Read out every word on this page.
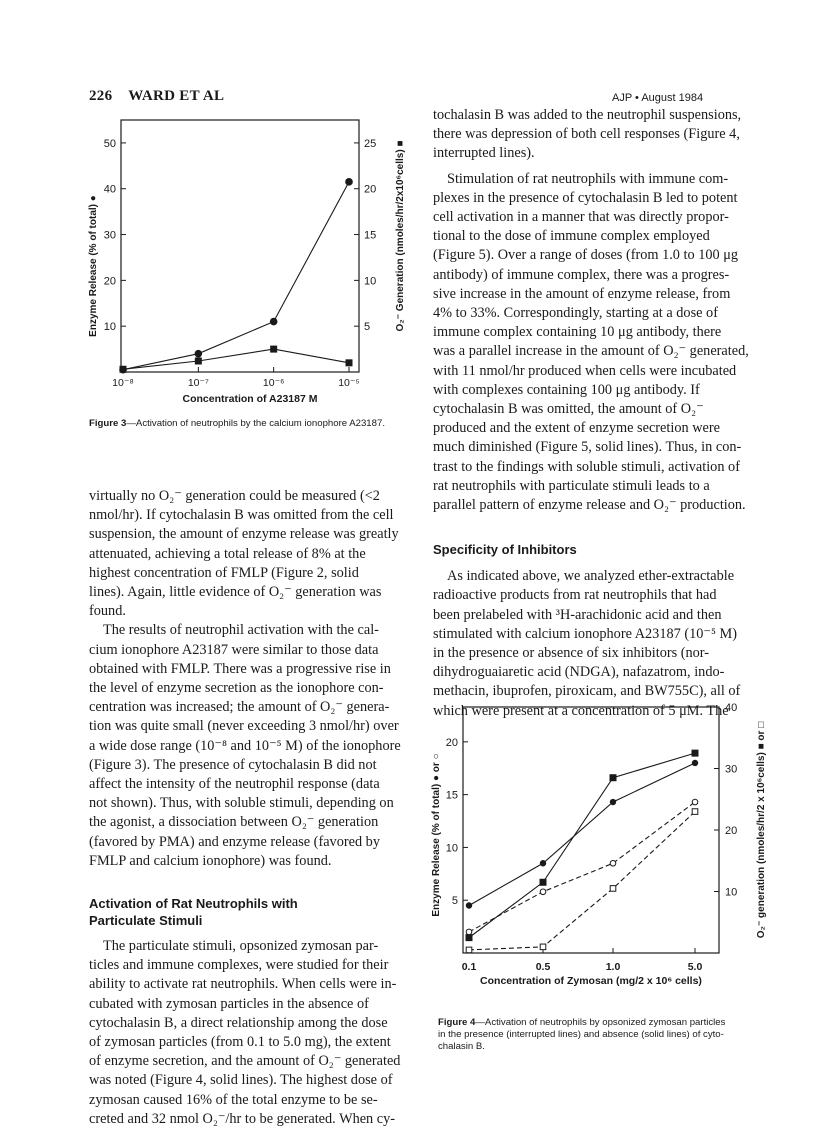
226 WARD ET AL	AJP • August 1984
10
20
30
40
50
5
10
15
20
25
10⁻⁸	10⁻⁷	10⁻⁶	10⁻⁵
Concentration of A23187 M
Enzyme Release (% of total) ●	O₂⁻ Generation (nmoles/hr/2x10⁶cells) ■
Figure 3—Activation of neutrophils by the calcium ionophore A23187.
virtually no O₂⁻ generation could be measured (<2
nmol/hr). If cytochalasin B was omitted from the cell
suspension, the amount of enzyme release was greatly
attenuated, achieving a total release of 8% at the
highest concentration of FMLP (Figure 2, solid
lines). Again, little evidence of O₂⁻ generation was
found.
The results of neutrophil activation with the cal-
cium ionophore A23187 were similar to those data
obtained with FMLP. There was a progressive rise in
the level of enzyme secretion as the ionophore con-
centration was increased; the amount of O₂⁻ genera-
tion was quite small (never exceeding 3 nmol/hr) over
a wide dose range (10⁻⁸ and 10⁻⁵ M) of the ionophore
(Figure 3). The presence of cytochalasin B did not
affect the intensity of the neutrophil response (data
not shown). Thus, with soluble stimuli, depending on
the agonist, a dissociation between O₂⁻ generation
(favored by PMA) and enzyme release (favored by
FMLP and calcium ionophore) was found.
Activation of Rat Neutrophils with
Particulate Stimuli
The particulate stimuli, opsonized zymosan par-
ticles and immune complexes, were studied for their
ability to activate rat neutrophils. When cells were in-
cubated with zymosan particles in the absence of
cytochalasin B, a direct relationship among the dose
of zymosan particles (from 0.1 to 5.0 mg), the extent
of enzyme secretion, and the amount of O₂⁻ generated
was noted (Figure 4, solid lines). The highest dose of
zymosan caused 16% of the total enzyme to be se-
creted and 32 nmol O₂⁻/hr to be generated. When cy-
tochalasin B was added to the neutrophil suspensions,
there was depression of both cell responses (Figure 4,
interrupted lines).
Stimulation of rat neutrophils with immune com-
plexes in the presence of cytochalasin B led to potent
cell activation in a manner that was directly propor-
tional to the dose of immune complex employed
(Figure 5). Over a range of doses (from 1.0 to 100 μg
antibody) of immune complex, there was a progres-
sive increase in the amount of enzyme release, from
4% to 33%. Correspondingly, starting at a dose of
immune complex containing 10 μg antibody, there
was a parallel increase in the amount of O₂⁻ generated,
with 11 nmol/hr produced when cells were incubated
with complexes containing 100 μg antibody. If
cytochalasin B was omitted, the amount of O₂⁻
produced and the extent of enzyme secretion were
much diminished (Figure 5, solid lines). Thus, in con-
trast to the findings with soluble stimuli, activation of
rat neutrophils with particulate stimuli leads to a
parallel pattern of enzyme release and O₂⁻ production.
Specificity of Inhibitors
As indicated above, we analyzed ether-extractable
radioactive products from rat neutrophils that had
been prelabeled with ³H-arachidonic acid and then
stimulated with calcium ionophore A23187 (10⁻⁵ M)
in the presence or absence of six inhibitors (nor-
dihydroguaiaretic acid (NDGA), nafazatrom, indo-
methacin, ibuprofen, piroxicam, and BW755C), all of
which were present at a concentration of 5 μM. The
5
10
15
20
10
20
30
40
0.1	0.5	1.0	5.0
Concentration of Zymosan (mg/2 x 10⁶ cells)
Enzyme Release (% of total) ● or ○	O₂⁻ generation (nmoles/hr/2 x 10⁶cells) ■ or □
Figure 4—Activation of neutrophils by opsonized zymosan particles
in the presence (interrupted lines) and absence (solid lines) of cyto-
chalasin B.
